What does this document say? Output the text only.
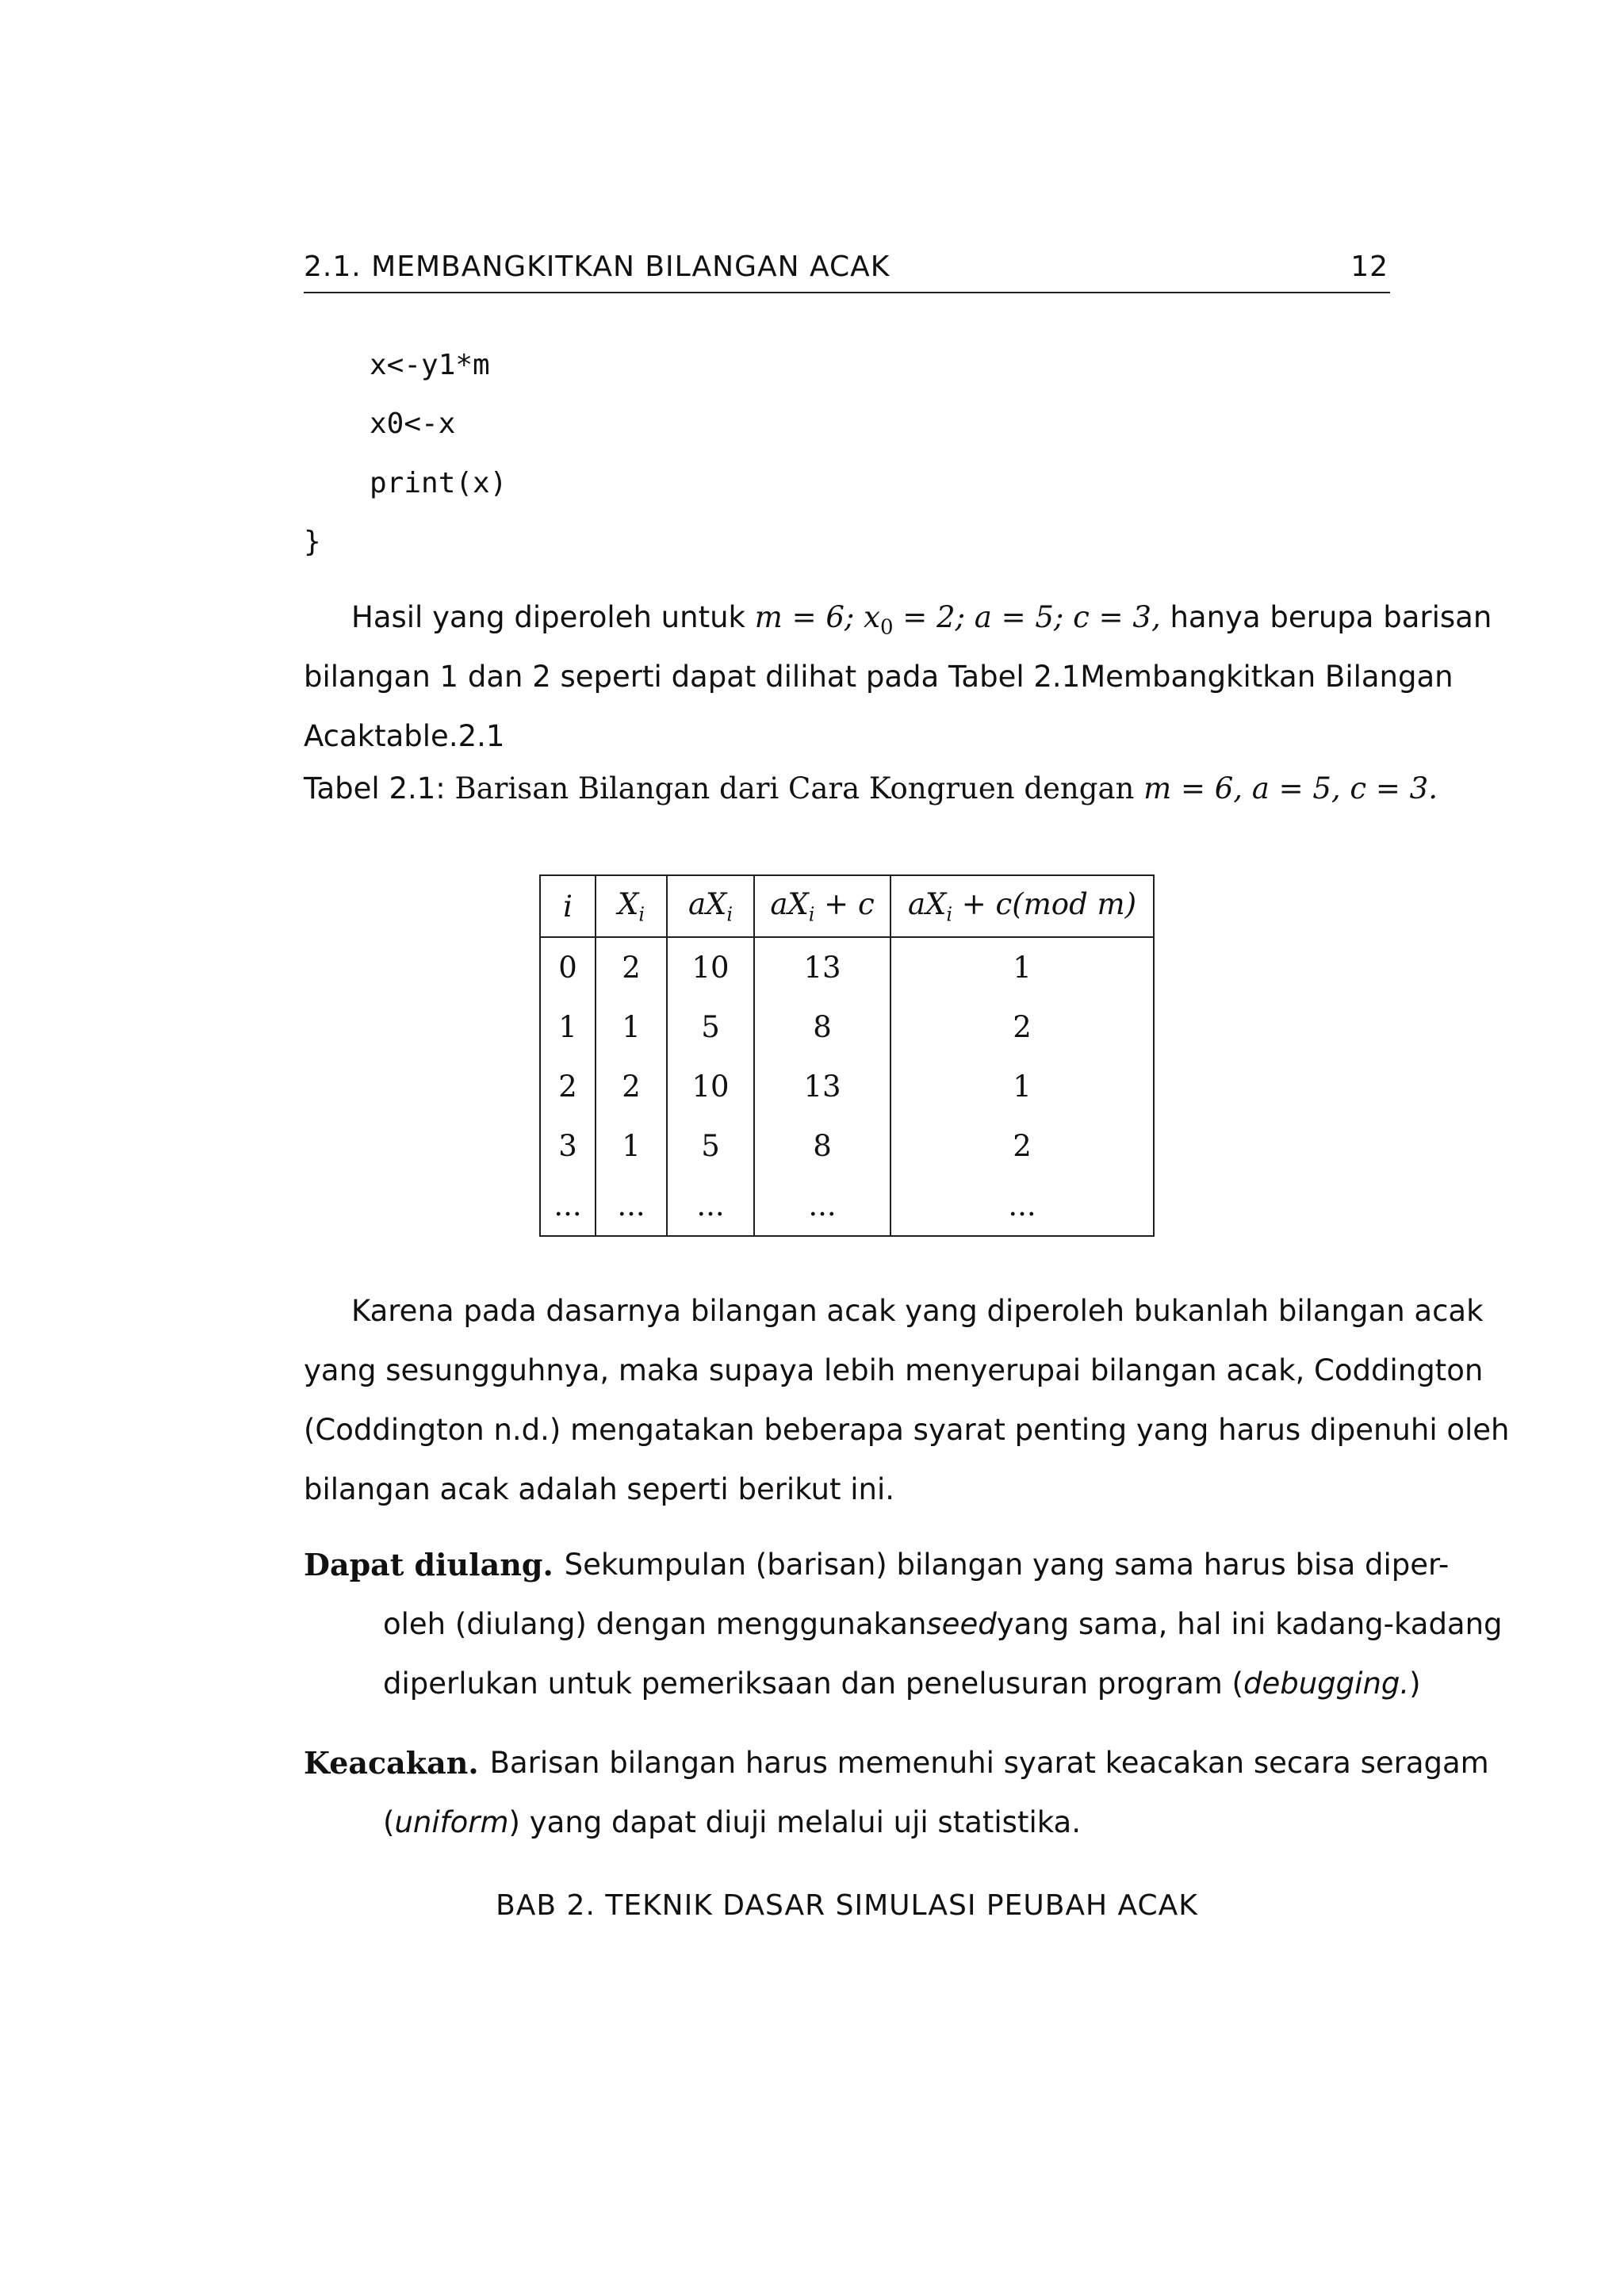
2.1. MEMBANGKITKAN BILANGAN ACAK	12
x<-y1*m
x0<-x
print(x)
}
Hasil yang diperoleh untuk m = 6; $x_0 = 2$; a = 5; c = 3, hanya berupa barisan
bilangan 1 dan 2 seperti dapat dilihat pada Tabel 2.1Membangkitkan Bilangan
Acaktable.2.1
Tabel 2.1: Barisan Bilangan dari Cara Kongruen dengan m = 6, a = 5, c = 3.
i	$X_i$	$aX_i$	$aX_i + c$	$aX_i + c(mod$ m)
0	2	10	13	1
1	1	5	8	2
2	2	10	13	1
3	1	5	8	2
...	...	...	...	...
Karena pada dasarnya bilangan acak yang diperoleh bukanlah bilangan acak
yang sesungguhnya, maka supaya lebih menyerupai bilangan acak, Coddington
(Coddington n.d.) mengatakan beberapa syarat penting yang harus dipenuhi oleh
bilangan acak adalah seperti berikut ini.
Dapat diulang. Sekumpulan (barisan) bilangan yang sama harus bisa diper-
oleh (diulang) dengan menggunakan seed yang sama, hal ini kadang-kadang
diperlukan untuk pemeriksaan dan penelusuran program (debugging.)
Keacakan. Barisan bilangan harus memenuhi syarat keacakan secara seragam
(uniform) yang dapat diuji melalui uji statistika.
BAB 2. TEKNIK DASAR SIMULASI PEUBAH ACAK
